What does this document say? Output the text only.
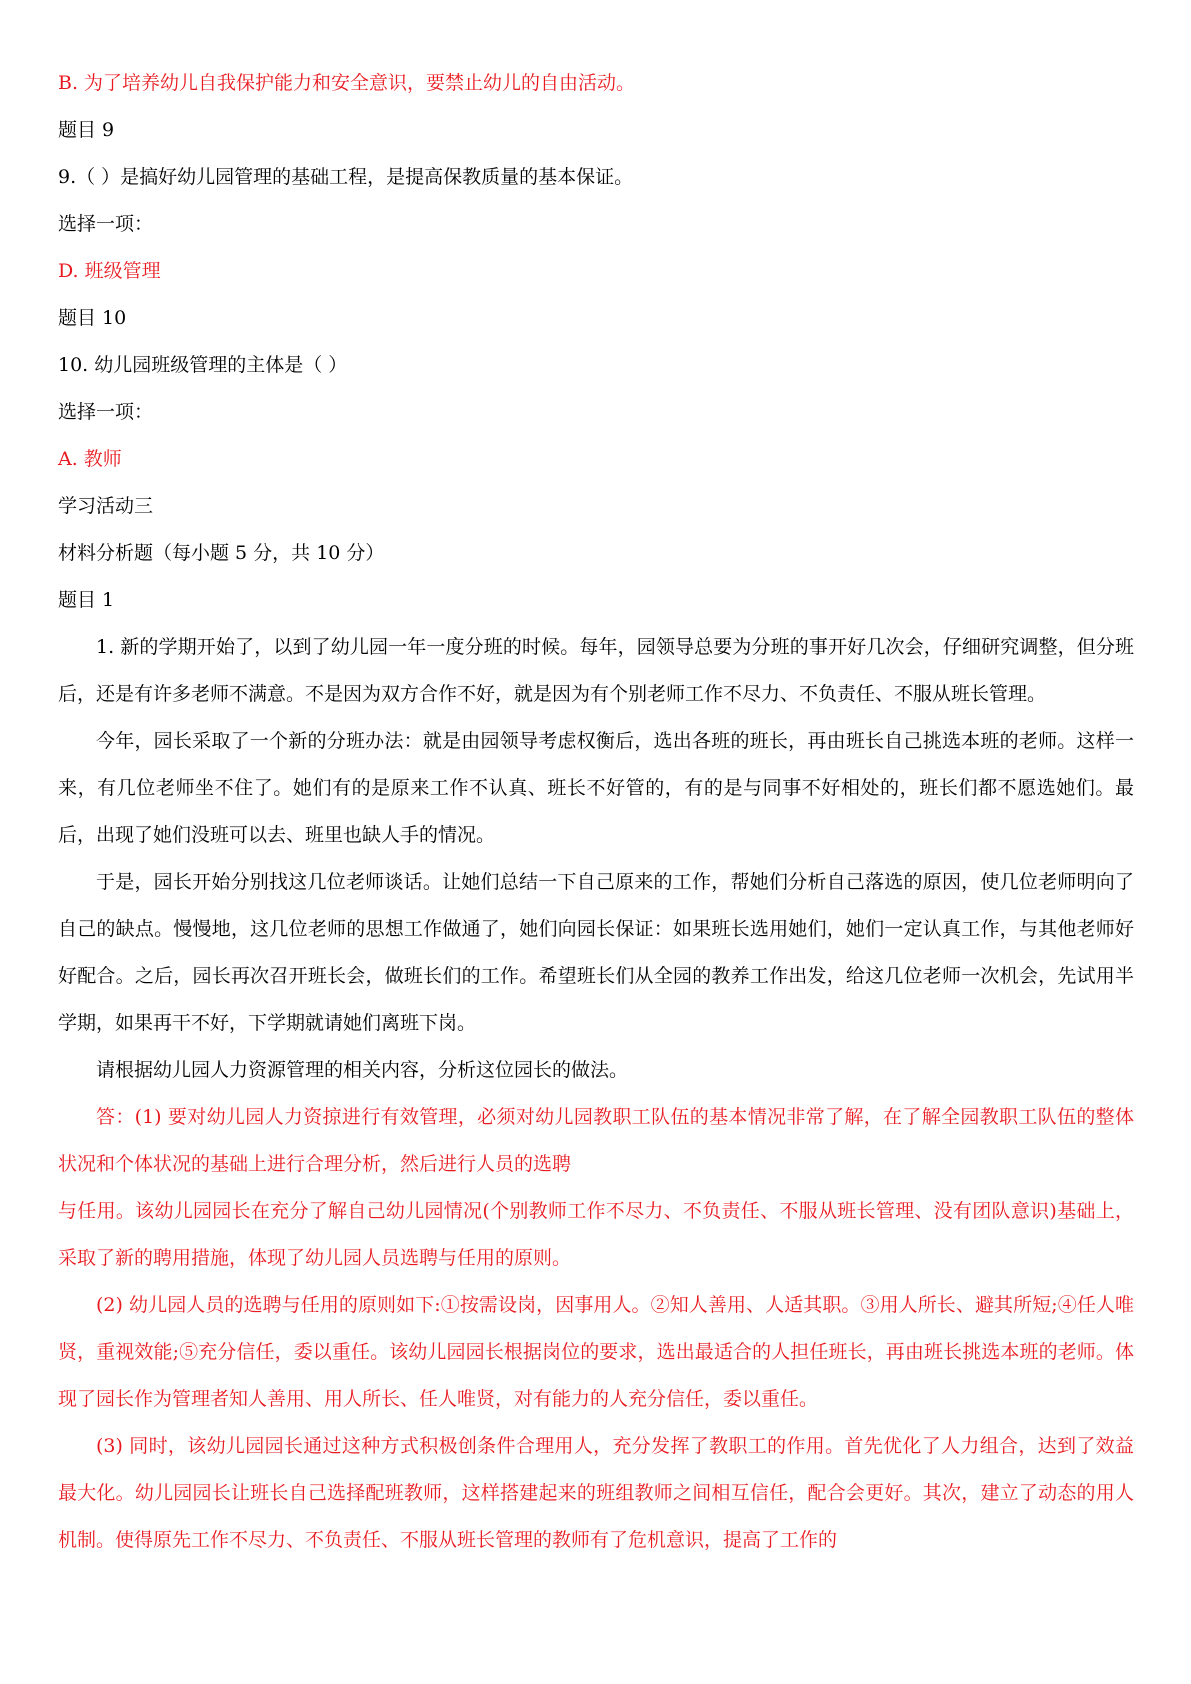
B. 为了培养幼儿自我保护能力和安全意识，要禁止幼儿的自由活动。
题目 9
9.（ ）是搞好幼儿园管理的基础工程，是提高保教质量的基本保证。
选择一项：
D. 班级管理
题目 10
10. 幼儿园班级管理的主体是（ ）
选择一项：
A. 教师
学习活动三
材料分析题（每小题 5 分，共 10 分）
题目 1

1. 新的学期开始了，以到了幼儿园一年一度分班的时候。每年，园领导总要为分班的事开好几次会，仔细研究调整，但分班后，还是有许多老师不满意。不是因为双方合作不好，就是因为有个别老师工作不尽力、不负责任、不服从班长管理。

今年，园长采取了一个新的分班办法：就是由园领导考虑权衡后，选出各班的班长，再由班长自己挑选本班的老师。这样一来，有几位老师坐不住了。她们有的是原来工作不认真、班长不好管的，有的是与同事不好相处的，班长们都不愿选她们。最后，出现了她们没班可以去、班里也缺人手的情况。

于是，园长开始分别找这几位老师谈话。让她们总结一下自己原来的工作，帮她们分析自己落选的原因，使几位老师明向了自己的缺点。慢慢地，这几位老师的思想工作做通了，她们向园长保证：如果班长选用她们，她们一定认真工作，与其他老师好好配合。之后，园长再次召开班长会，做班长们的工作。希望班长们从全园的教养工作出发，给这几位老师一次机会，先试用半学期，如果再干不好，下学期就请她们离班下岗。

请根据幼儿园人力资源管理的相关内容，分析这位园长的做法。

答：(1) 要对幼儿园人力资掠进行有效管理，必须对幼儿园教职工队伍的基本情况非常了解，在了解全园教职工队伍的整体状况和个体状况的基础上进行合理分析，然后进行人员的选聘

与任用。该幼儿园园长在充分了解自己幼儿园情况(个别教师工作不尽力、不负责任、不服从班长管理、没有团队意识)基础上，采取了新的聘用措施，体现了幼儿园人员选聘与任用的原则。

(2) 幼儿园人员的选聘与任用的原则如下:①按需设岗，因事用人。②知人善用、人适其职。③用人所长、避其所短;④任人唯贤，重视效能;⑤充分信任，委以重任。该幼儿园园长根据岗位的要求，选出最适合的人担任班长，再由班长挑选本班的老师。体现了园长作为管理者知人善用、用人所长、任人唯贤，对有能力的人充分信任，委以重任。

(3) 同时，该幼儿园园长通过这种方式积极创条件合理用人，充分发挥了教职工的作用。首先优化了人力组合，达到了效益最大化。幼儿园园长让班长自己选择配班教师，这样搭建起来的班组教师之间相互信任，配合会更好。其次，建立了动态的用人机制。使得原先工作不尽力、不负责任、不服从班长管理的教师有了危机意识，提高了工作的
